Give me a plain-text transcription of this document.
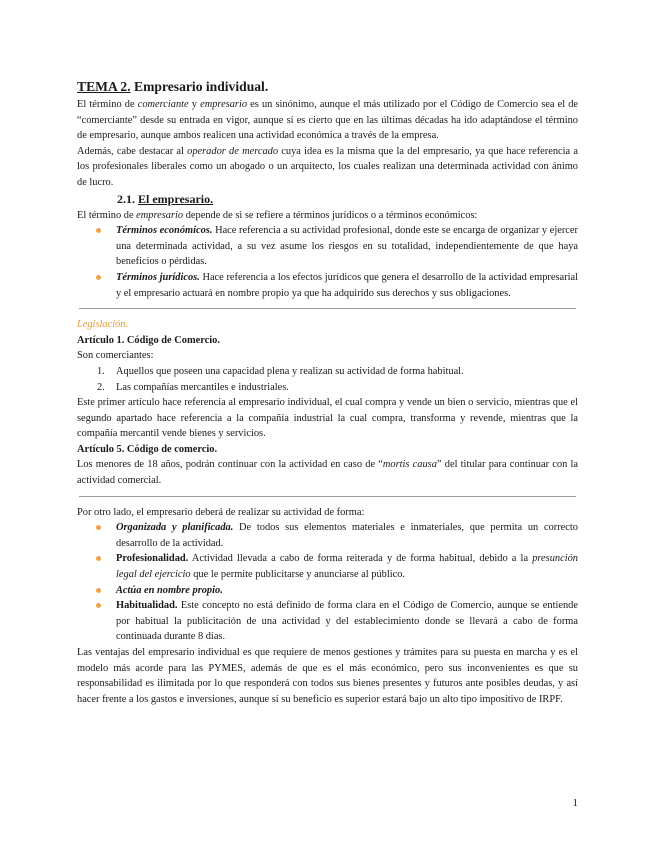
TEMA 2. Empresario individual.

El término de comerciante y empresario es un sinónimo, aunque el más utilizado por el Código de Comercio sea el de “comerciante” desde su entrada en vigor, aunque sí es cierto que en las últimas décadas ha ido adaptándose el término de empresario, aunque ambos realicen una actividad económica a través de la empresa.

Además, cabe destacar al operador de mercado cuya idea es la misma que la del empresario, ya que hace referencia a los profesionales liberales como un abogado o un arquitecto, los cuales realizan una determinada actividad con ánimo de lucro.

2.1. El empresario.

El término de empresario depende de si se refiere a términos jurídicos o a términos económicos:

Términos económicos. Hace referencia a su actividad profesional, donde este se encarga de organizar y ejercer una determinada actividad, a su vez asume los riesgos en su totalidad, independientemente de que haya beneficios o pérdidas.
Términos jurídicos. Hace referencia a los efectos jurídicos que genera el desarrollo de la actividad empresarial y el empresario actuará en nombre propio ya que ha adquirido sus derechos y sus obligaciones.

Legislación.

Artículo 1. Código de Comercio.

Son comerciantes:

1. Aquellos que poseen una capacidad plena y realizan su actividad de forma habitual.
2. Las compañías mercantiles e industriales.

Este primer artículo hace referencia al empresario individual, el cual compra y vende un bien o servicio, mientras que el segundo apartado hace referencia a la compañía industrial la cual compra, transforma y revende, mientras que la compañía mercantil vende bienes y servicios.

Artículo 5. Código de comercio.

Los menores de 18 años, podrán continuar con la actividad en caso de “mortis causa” del titular para continuar con la actividad comercial.

Por otro lado, el empresario deberá de realizar su actividad de forma:

Organizada y planificada. De todos sus elementos materiales e inmateriales, que permita un correcto desarrollo de la actividad.
Profesionalidad. Actividad llevada a cabo de forma reiterada y de forma habitual, debido a la presunción legal del ejercicio que le permite publicitarse y anunciarse al público.
Actúa en nombre propio.
Habitualidad. Este concepto no está definido de forma clara en el Código de Comercio, aunque se entiende por habitual la publicitación de una actividad y del establecimiento donde se llevará a cabo de forma continuada durante 8 días.

Las ventajas del empresario individual es que requiere de menos gestiones y trámites para su puesta en marcha y es el modelo más acorde para las PYMES, además de que es el más económico, pero sus inconvenientes es que su responsabilidad es ilimitada por lo que responderá con todos sus bienes presentes y futuros ante posibles deudas, y así hacer frente a los gastos e inversiones, aunque sí su beneficio es superior estará bajo un alto tipo impositivo de IRPF.

1
